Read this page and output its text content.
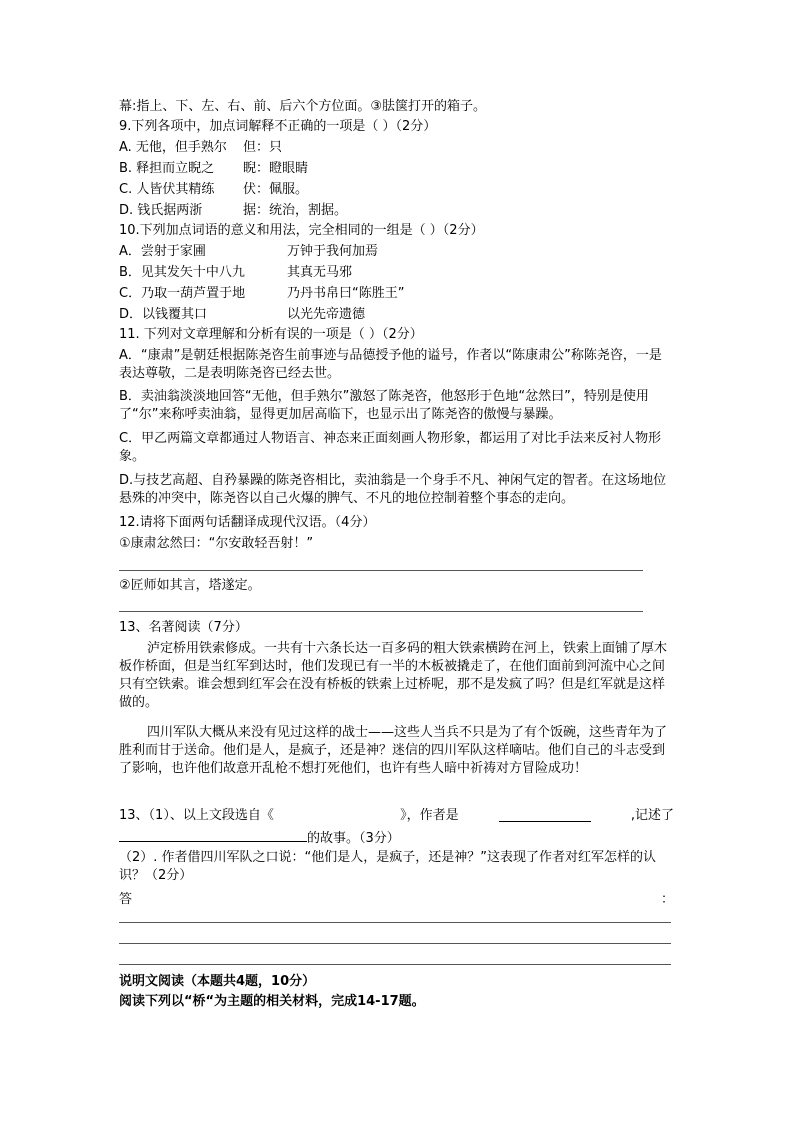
幕:指上、下、左、右、前、后六个方位面。③胠箧打开的箱子。
9.下列各项中，加点词解释不正确的一项是（ ）（2分）
A. 无他，但手熟尔 但：只
B. 释担而立睨之 睨：瞪眼睛
C. 人皆伏其精练 伏：佩服。
D. 钱氏据两浙	据：统治，割据。
10.下列加点词语的意义和用法，完全相同的一组是（ ）（2分）
A．尝射于家圃	万钟于我何加焉
B．见其发矢十中八九	其真无马邪
C．乃取一葫芦置于地	乃丹书帛曰“陈胜王”
D．以钱覆其口	以光先帝遗德
11. 下列对文章理解和分析有误的一项是（ ）（2分）
A．“康肃”是朝廷根据陈尧咨生前事迹与品德授予他的谥号，作者以“陈康肃公”称陈尧咨，一是表达尊敬，二是表明陈尧咨已经去世。
B．卖油翁淡淡地回答“无他，但手熟尔”激怒了陈尧咨，他怒形于色地“忿然曰”，特别是使用了“尔”来称呼卖油翁，显得更加居高临下，也显示出了陈尧咨的傲慢与暴躁。
C．甲乙两篇文章都通过人物语言、神态来正面刻画人物形象，都运用了对比手法来反衬人物形象。
D.与技艺高超、自矜暴躁的陈尧咨相比，卖油翁是一个身手不凡、神闲气定的智者。在这场地位悬殊的冲突中，陈尧咨以自己火爆的脾气、不凡的地位控制着整个事态的走向。
12.请将下面两句话翻译成现代汉语。（4分）
①康肃忿然曰：“尔安敢轻吾射！”
②匠师如其言，塔遂定。
13、名著阅读（7分）
泸定桥用铁索修成。一共有十六条长达一百多码的粗大铁索横跨在河上，铁索上面铺了厚木板作桥面，但是当红军到达时，他们发现已有一半的木板被撬走了，在他们面前到河流中心之间只有空铁索。谁会想到红军会在没有桥板的铁索上过桥呢，那不是发疯了吗？但是红军就是这样做的。
四川军队大概从来没有见过这样的战士——这些人当兵不只是为了有个饭碗，这些青年为了胜利而甘于送命。他们是人，是疯子，还是神？迷信的四川军队这样嘀咕。他们自己的斗志受到了影响，也许他们故意开乱枪不想打死他们，也许有些人暗中祈祷对方冒险成功！
13、（1）、以上文段选自《	》，作者是	,记述了
的故事。（3分）
（2）. 作者借四川军队之口说：“他们是人，是疯子，还是神？”这表现了作者对红军怎样的认识？（2分）
答	：
说明文阅读（本题共4题，10分）
阅读下列以“桥“为主题的相关材料，完成14-17题。
